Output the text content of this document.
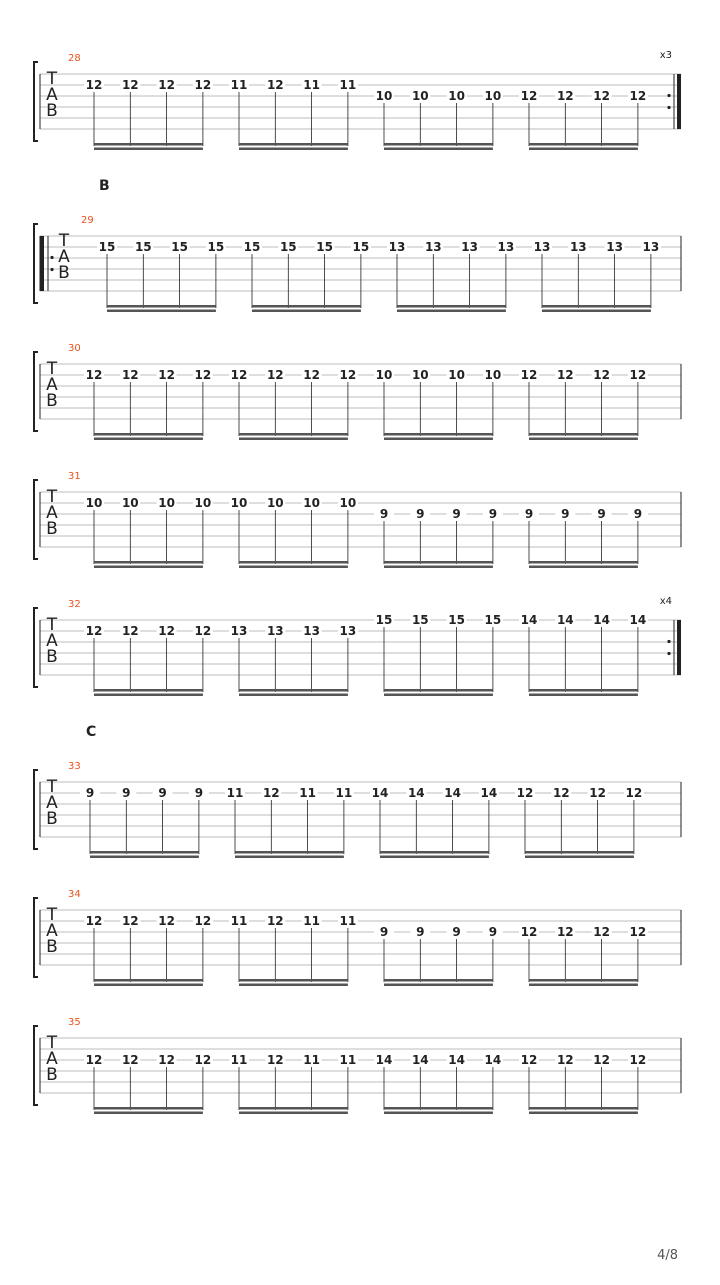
28
T
A
B
x3
12 12 12 12 11 12 11 11
10 10 10 10 12 12 12 12
B
29
T
A
B
15 15 15 15 15 15 15 15 13 13 13 13 13 13 13 13
30
T
A
B
12 12 12 12 12 12 12 12 10 10 10 10 12 12 12 12
31
T
A
B
10 10 10 10 10 10 10 10
9 9 9 9 9 9 9 9
32
T
A
B
x4
12 12 12 12 13 13 13 13
15 15 15 15 14 14 14 14
C
33
T
A
B
9 9 9 9 11 12 11 11 14 14 14 14 12 12 12 12
34
T
A
B
12 12 12 12 11 12 11 11
9 9 9 9 12 12 12 12
35
T
A
B
12 12 12 12 11 12 11 11 14 14 14 14 12 12 12 12
4/8
